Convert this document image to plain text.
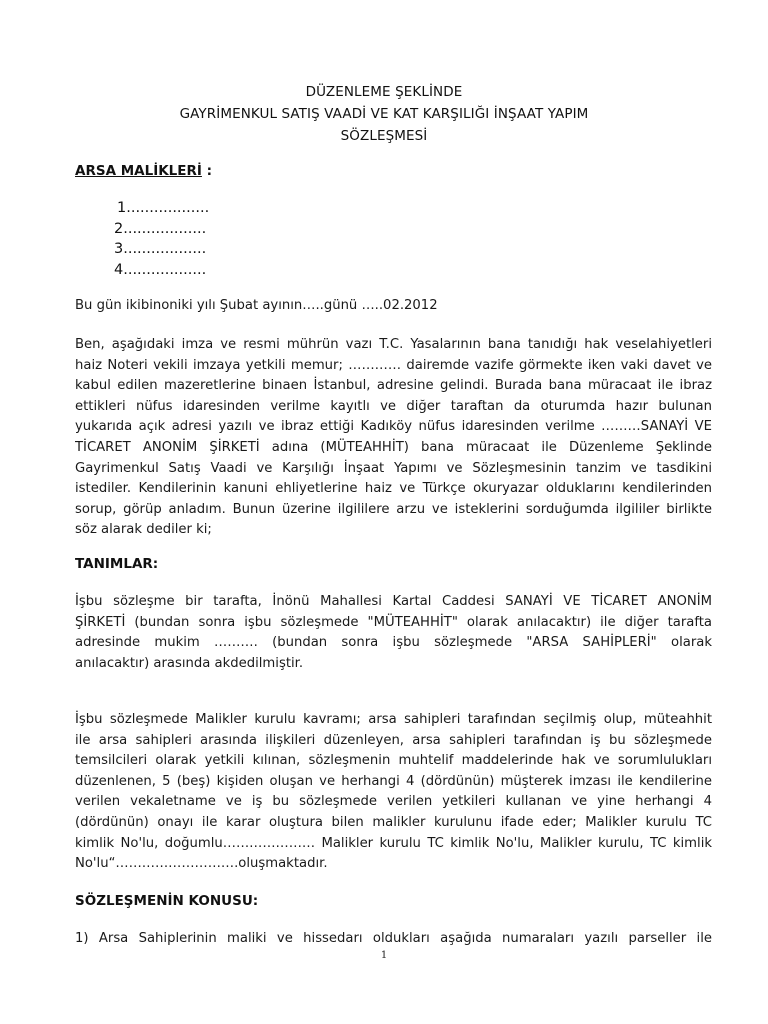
DÜZENLEME ŞEKLİNDE
GAYRİMENKUL SATIŞ VAADİ VE KAT KARŞILIĞI İNŞAAT YAPIM
SÖZLEŞMESİ
ARSA MALİKLERİ :
1..................
2..................
3..................
4..................
Bu gün ikibinoniki yılı Şubat ayının…..günü …..02.2012
Ben, aşağıdaki imza ve resmi mührün vazı T.C. Yasalarının bana tanıdığı hak veselahiyetleri
haiz Noteri vekili imzaya yetkili memur; ………… dairemde vazife görmekte iken vaki davet ve
kabul edilen mazeretlerine binaen İstanbul, adresine gelindi. Burada bana müracaat ile ibraz
ettikleri nüfus idaresinden verilme kayıtlı ve diğer taraftan da oturumda hazır bulunan
yukarıda açık adresi yazılı ve ibraz ettiği Kadıköy nüfus idaresinden verilme ………SANAYİ VE
TİCARET ANONİM ŞİRKETİ adına (MÜTEAHHİT) bana müracaat ile Düzenleme Şeklinde
Gayrimenkul Satış Vaadi ve Karşılığı İnşaat Yapımı ve Sözleşmesinin tanzim ve tasdikini
istediler. Kendilerinin kanuni ehliyetlerine haiz ve Türkçe okuryazar olduklarını kendilerinden
sorup, görüp anladım. Bunun üzerine ilgililere arzu ve isteklerini sorduğumda ilgililer birlikte
söz alarak dediler ki;
TANIMLAR:
İşbu sözleşme bir tarafta, İnönü Mahallesi Kartal Caddesi SANAYİ VE TİCARET ANONİM
ŞİRKETİ (bundan sonra işbu sözleşmede "MÜTEAHHİT" olarak anılacaktır) ile diğer tarafta
adresinde mukim ………. (bundan sonra işbu sözleşmede "ARSA SAHİPLERİ" olarak
anılacaktır) arasında akdedilmiştir.
İşbu sözleşmede Malikler kurulu kavramı; arsa sahipleri tarafından seçilmiş olup, müteahhit
ile arsa sahipleri arasında ilişkileri düzenleyen, arsa sahipleri tarafından iş bu sözleşmede
temsilcileri olarak yetkili kılınan, sözleşmenin muhtelif maddelerinde hak ve sorumlulukları
düzenlenen, 5 (beş) kişiden oluşan ve herhangi 4 (dördünün) müşterek imzası ile kendilerine
verilen vekaletname ve iş bu sözleşmede verilen yetkileri kullanan ve yine herhangi 4
(dördünün) onayı ile karar oluştura bilen malikler kurulunu ifade eder; Malikler kurulu TC
kimlik No'lu, doğumlu………………… Malikler kurulu TC kimlik No'lu, Malikler kurulu, TC kimlik
No'lu“……………………….oluşmaktadır.
SÖZLEŞMENİN KONUSU:
1) Arsa Sahiplerinin maliki ve hissedarı oldukları aşağıda numaraları yazılı parseller ile
1
